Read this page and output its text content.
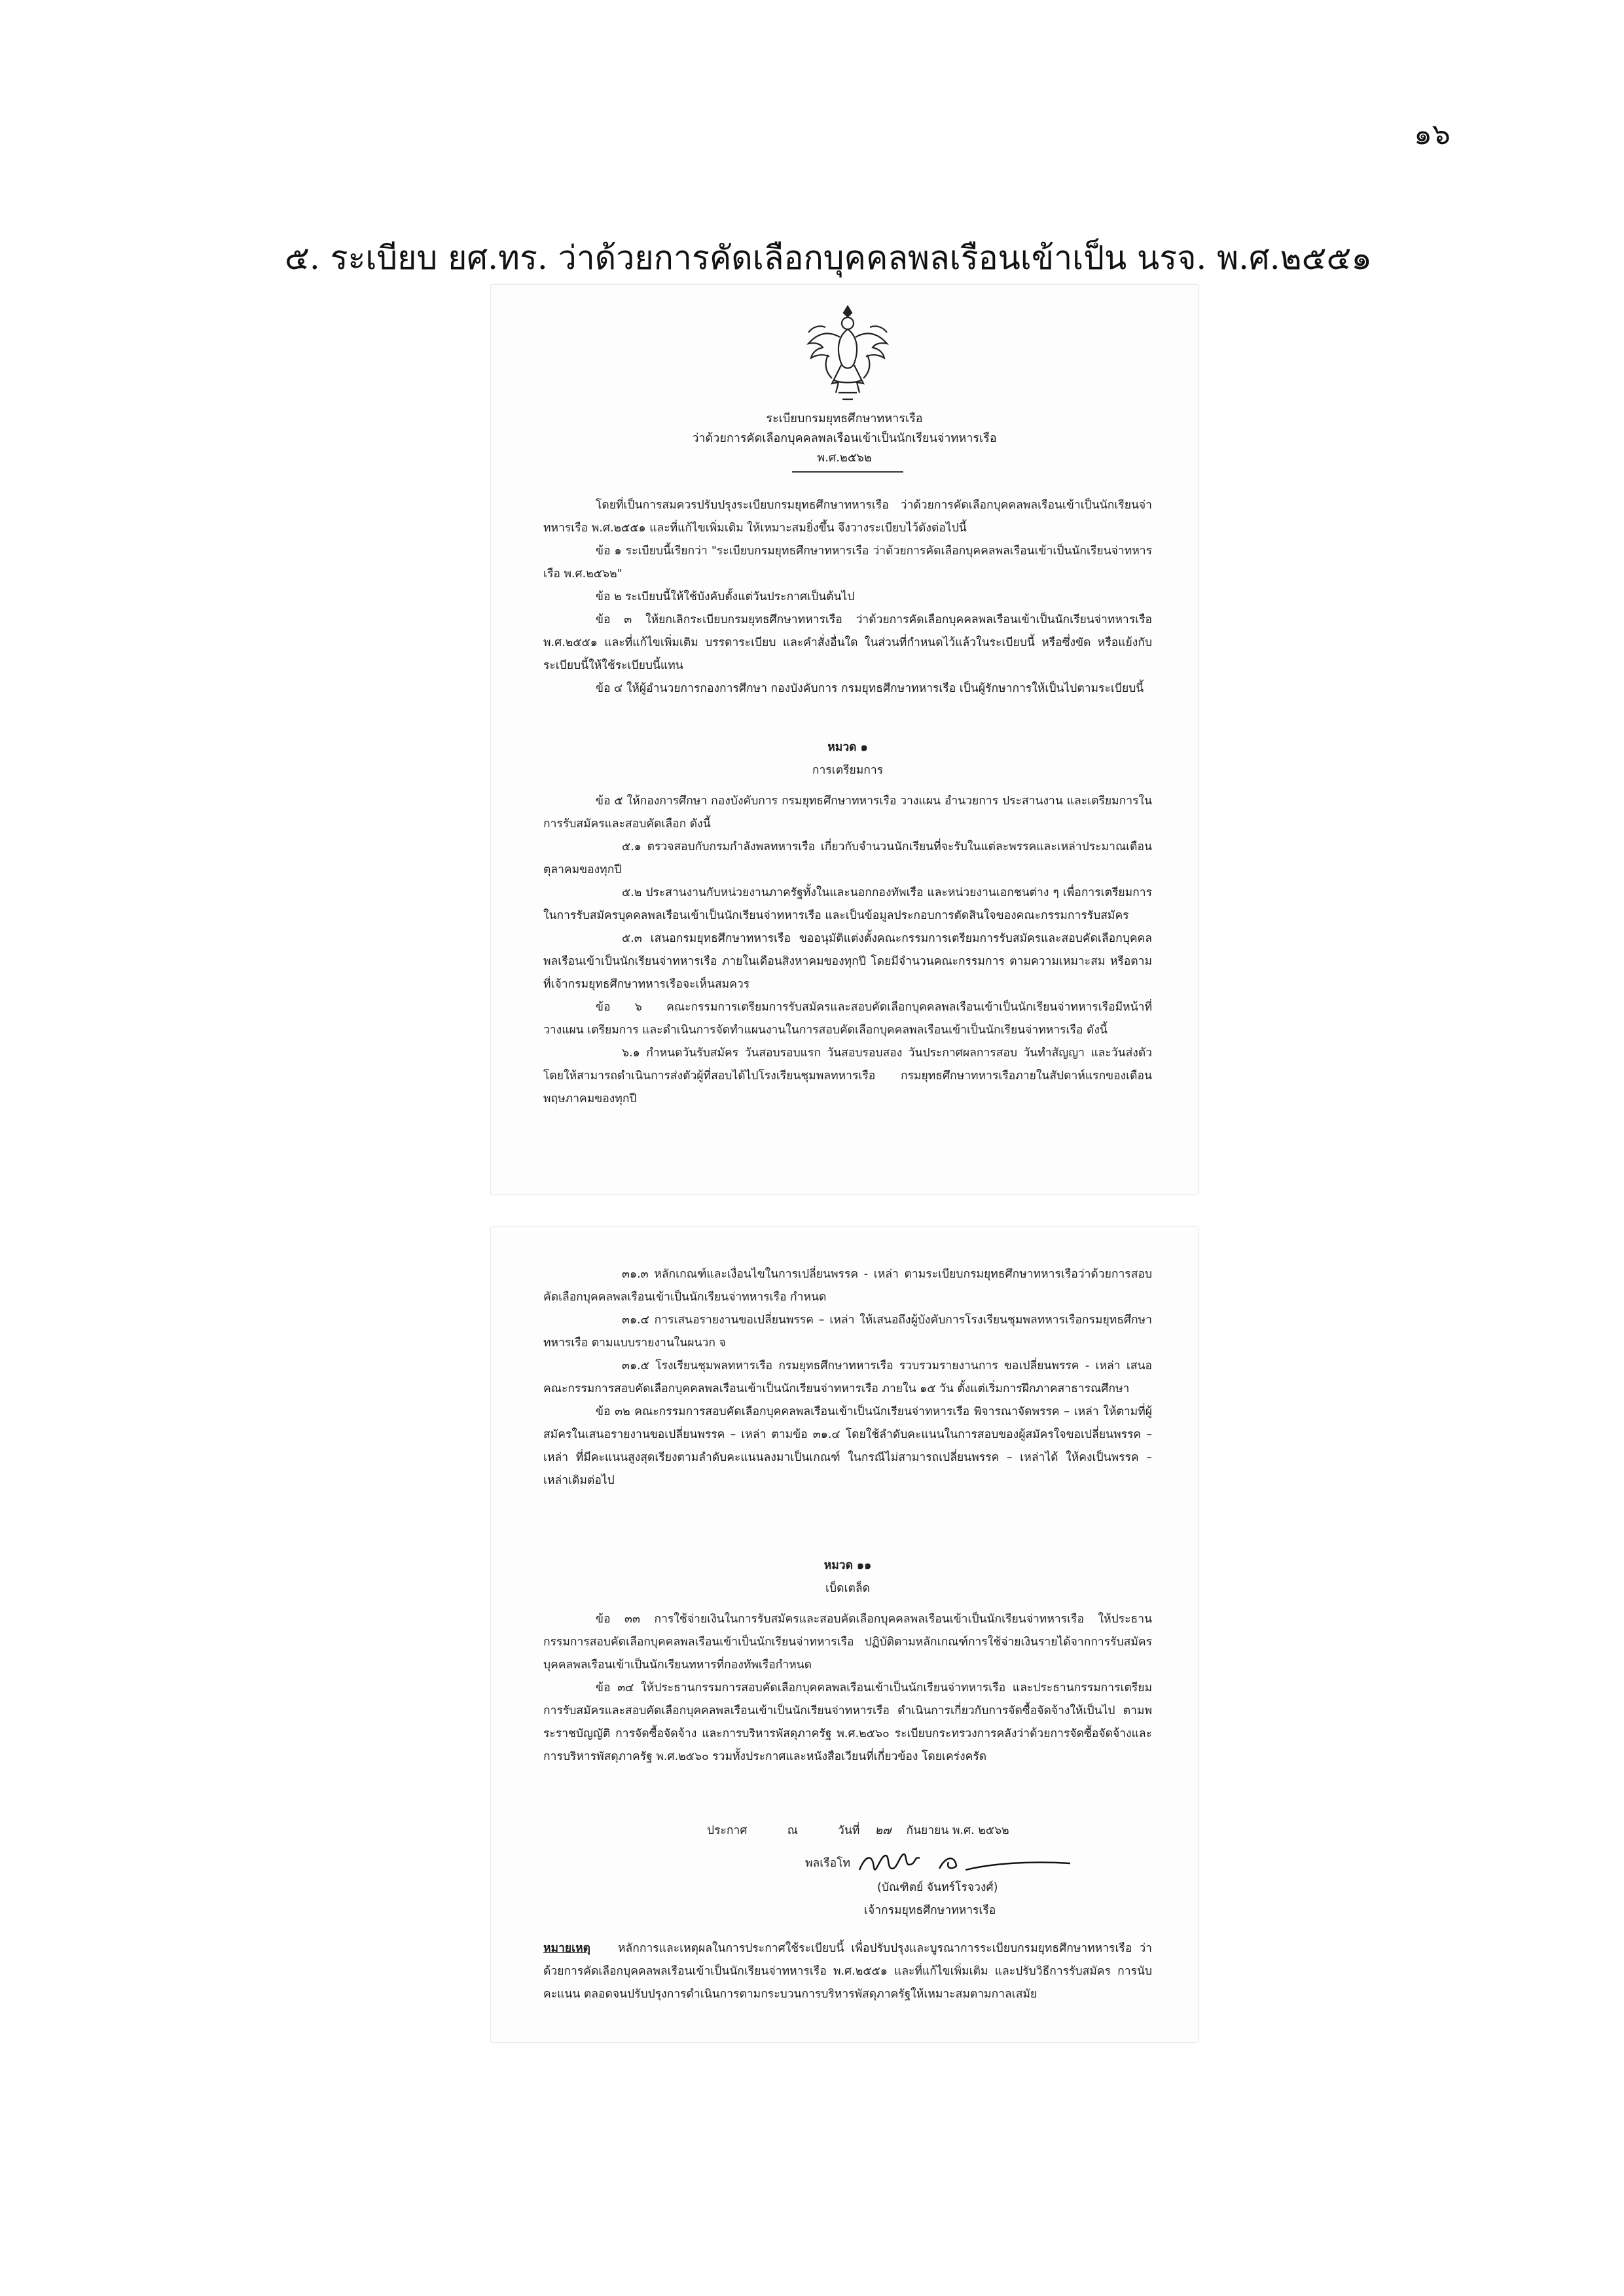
๑๖
๕. ระเบียบ ยศ.ทร. ว่าด้วยการคัดเลือกบุคคลพลเรือนเข้าเป็น นรจ. พ.ศ.๒๕๕๑

ระเบียบกรมยุทธศึกษาทหารเรือ

ว่าด้วยการคัดเลือกบุคคลพลเรือนเข้าเป็นนักเรียนจ่าทหารเรือ

พ.ศ.๒๕๖๒

โดยที่เป็นการสมควรปรับปรุงระเบียบกรมยุทธศึกษาทหารเรือ ว่าด้วยการคัดเลือกบุคคลพลเรือนเข้าเป็นนักเรียนจ่าทหารเรือ พ.ศ.๒๕๕๑ และที่แก้ไขเพิ่มเติม ให้เหมาะสมยิ่งขึ้น จึงวางระเบียบไว้ดังต่อไปนี้

ข้อ ๑ ระเบียบนี้เรียกว่า "ระเบียบกรมยุทธศึกษาทหารเรือ ว่าด้วยการคัดเลือกบุคคลพลเรือนเข้าเป็นนักเรียนจ่าทหารเรือ พ.ศ.๒๕๖๒"

ข้อ ๒ ระเบียบนี้ให้ใช้บังคับตั้งแต่วันประกาศเป็นต้นไป

ข้อ ๓ ให้ยกเลิกระเบียบกรมยุทธศึกษาทหารเรือ ว่าด้วยการคัดเลือกบุคคลพลเรือนเข้าเป็นนักเรียนจ่าทหารเรือ พ.ศ.๒๕๕๑ และที่แก้ไขเพิ่มเติม บรรดาระเบียบ และคำสั่งอื่นใด ในส่วนที่กำหนดไว้แล้วในระเบียบนี้ หรือซึ่งขัด หรือแย้งกับระเบียบนี้ให้ใช้ระเบียบนี้แทน

ข้อ ๔ ให้ผู้อำนวยการกองการศึกษา กองบังคับการ กรมยุทธศึกษาทหารเรือ เป็นผู้รักษาการให้เป็นไปตามระเบียบนี้

หมวด ๑

การเตรียมการ

ข้อ ๕ ให้กองการศึกษา กองบังคับการ กรมยุทธศึกษาทหารเรือ วางแผน อำนวยการ ประสานงาน และเตรียมการในการรับสมัครและสอบคัดเลือก ดังนี้

๕.๑ ตรวจสอบกับกรมกำลังพลทหารเรือ เกี่ยวกับจำนวนนักเรียนที่จะรับในแต่ละพรรคและเหล่าประมาณเดือนตุลาคมของทุกปี

๕.๒ ประสานงานกับหน่วยงานภาครัฐทั้งในและนอกกองทัพเรือ และหน่วยงานเอกชนต่าง ๆ เพื่อการเตรียมการในการรับสมัครบุคคลพลเรือนเข้าเป็นนักเรียนจ่าทหารเรือ และเป็นข้อมูลประกอบการตัดสินใจของคณะกรรมการรับสมัคร

๕.๓ เสนอกรมยุทธศึกษาทหารเรือ ขออนุมัติแต่งตั้งคณะกรรมการเตรียมการรับสมัครและสอบคัดเลือกบุคคลพลเรือนเข้าเป็นนักเรียนจ่าทหารเรือ ภายในเดือนสิงหาคมของทุกปี โดยมีจำนวนคณะกรรมการ ตามความเหมาะสม หรือตามที่เจ้ากรมยุทธศึกษาทหารเรือจะเห็นสมควร

ข้อ ๖ คณะกรรมการเตรียมการรับสมัครและสอบคัดเลือกบุคคลพลเรือนเข้าเป็นนักเรียนจ่าทหารเรือมีหน้าที่ วางแผน เตรียมการ และดำเนินการจัดทำแผนงานในการสอบคัดเลือกบุคคลพลเรือนเข้าเป็นนักเรียนจ่าทหารเรือ ดังนี้

๖.๑ กำหนดวันรับสมัคร วันสอบรอบแรก วันสอบรอบสอง วันประกาศผลการสอบ วันทำสัญญา และวันส่งตัว โดยให้สามารถดำเนินการส่งตัวผู้ที่สอบได้ไปโรงเรียนชุมพลทหารเรือ กรมยุทธศึกษาทหารเรือภายในสัปดาห์แรกของเดือนพฤษภาคมของทุกปี

๓๑.๓ หลักเกณฑ์และเงื่อนไขในการเปลี่ยนพรรค - เหล่า ตามระเบียบกรมยุทธศึกษาทหารเรือว่าด้วยการสอบคัดเลือกบุคคลพลเรือนเข้าเป็นนักเรียนจ่าทหารเรือ กำหนด

๓๑.๔ การเสนอรายงานขอเปลี่ยนพรรค – เหล่า ให้เสนอถึงผู้บังคับการโรงเรียนชุมพลทหารเรือกรมยุทธศึกษาทหารเรือ ตามแบบรายงานในผนวก จ

๓๑.๕ โรงเรียนชุมพลทหารเรือ กรมยุทธศึกษาทหารเรือ รวบรวมรายงานการ ขอเปลี่ยนพรรค - เหล่า เสนอคณะกรรมการสอบคัดเลือกบุคคลพลเรือนเข้าเป็นนักเรียนจ่าทหารเรือ ภายใน ๑๕ วัน ตั้งแต่เริ่มการฝึกภาคสาธารณศึกษา

ข้อ ๓๒ คณะกรรมการสอบคัดเลือกบุคคลพลเรือนเข้าเป็นนักเรียนจ่าทหารเรือ พิจารณาจัดพรรค – เหล่า ให้ตามที่ผู้สมัครในเสนอรายงานขอเปลี่ยนพรรค – เหล่า ตามข้อ ๓๑.๔ โดยใช้ลำดับคะแนนในการสอบของผู้สมัครใจขอเปลี่ยนพรรค – เหล่า ที่มีคะแนนสูงสุดเรียงตามลำดับคะแนนลงมาเป็นเกณฑ์ ในกรณีไม่สามารถเปลี่ยนพรรค – เหล่าได้ ให้คงเป็นพรรค – เหล่าเดิมต่อไป

หมวด ๑๑

เบ็ดเตล็ด

ข้อ ๓๓ การใช้จ่ายเงินในการรับสมัครและสอบคัดเลือกบุคคลพลเรือนเข้าเป็นนักเรียนจ่าทหารเรือ ให้ประธานกรรมการสอบคัดเลือกบุคคลพลเรือนเข้าเป็นนักเรียนจ่าทหารเรือ ปฏิบัติตามหลักเกณฑ์การใช้จ่ายเงินรายได้จากการรับสมัครบุคคลพลเรือนเข้าเป็นนักเรียนทหารที่กองทัพเรือกำหนด

ข้อ ๓๔ ให้ประธานกรรมการสอบคัดเลือกบุคคลพลเรือนเข้าเป็นนักเรียนจ่าทหารเรือ และประธานกรรมการเตรียมการรับสมัครและสอบคัดเลือกบุคคลพลเรือนเข้าเป็นนักเรียนจ่าทหารเรือ ดำเนินการเกี่ยวกับการจัดซื้อจัดจ้างให้เป็นไป ตามพระราชบัญญัติ การจัดซื้อจัดจ้าง และการบริหารพัสดุภาครัฐ พ.ศ.๒๕๖๐ ระเบียบกระทรวงการคลังว่าด้วยการจัดซื้อจัดจ้างและการบริหารพัสดุภาครัฐ พ.ศ.๒๕๖๐ รวมทั้งประกาศและหนังสือเวียนที่เกี่ยวข้อง โดยเคร่งครัด

ประกาศ	ณ	วันที่ ๒๗ กันยายน พ.ศ. ๒๕๖๒

พลเรือโท

(บัณฑิตย์ จันทร์โรจวงศ์)

เจ้ากรมยุทธศึกษาทหารเรือ

หมายเหตุ หลักการและเหตุผลในการประกาศใช้ระเบียบนี้ เพื่อปรับปรุงและบูรณาการระเบียบกรมยุทธศึกษาทหารเรือ ว่าด้วยการคัดเลือกบุคคลพลเรือนเข้าเป็นนักเรียนจ่าทหารเรือ พ.ศ.๒๕๕๑ และที่แก้ไขเพิ่มเติม และปรับวิธีการรับสมัคร การนับคะแนน ตลอดจนปรับปรุงการดำเนินการตามกระบวนการบริหารพัสดุภาครัฐให้เหมาะสมตามกาลเสมัย
